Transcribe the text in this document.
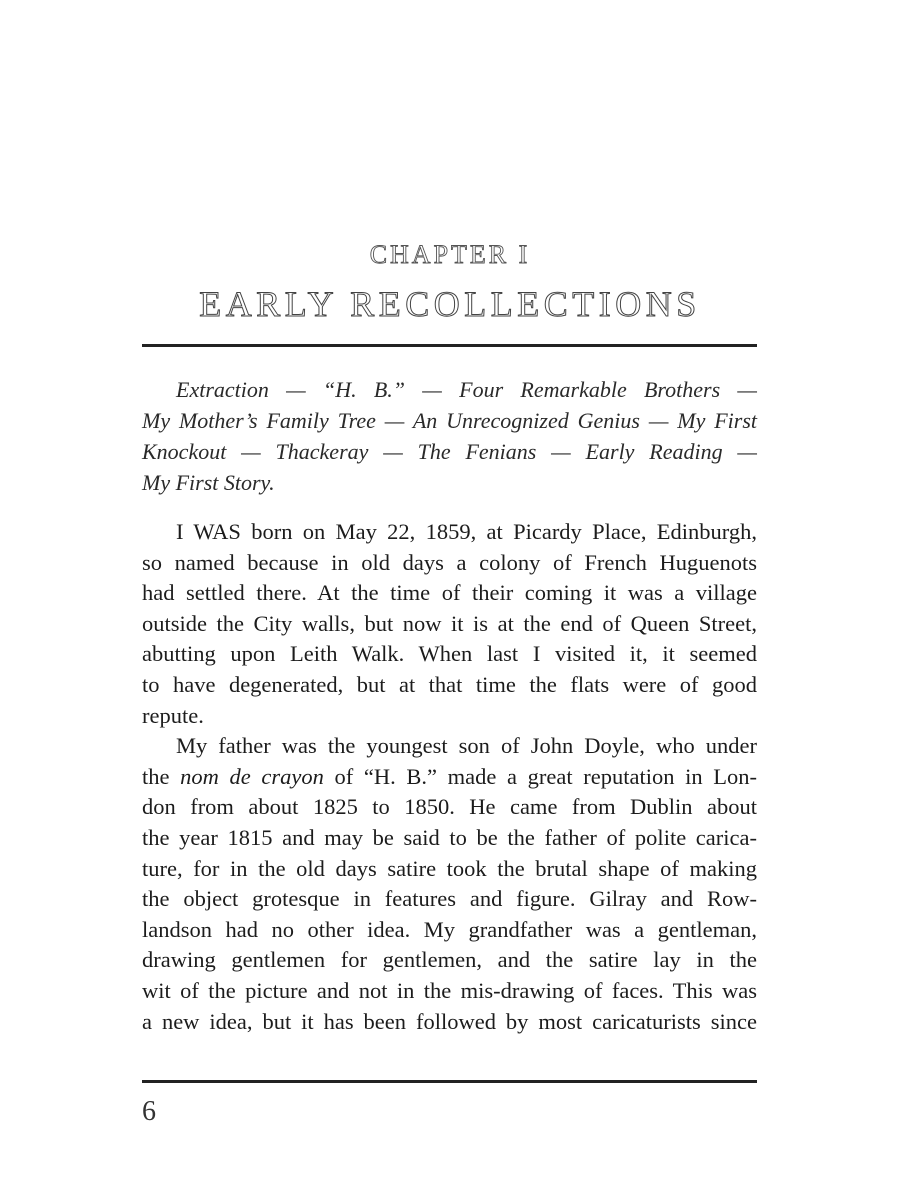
CHAPTER I
EARLY RECOLLECTIONS
Extraction — “H. B.” — Four Remarkable Brothers —
My Mother’s Family Tree — An Unrecognized Genius — My First
Knockout — Thackeray — The Fenians — Early Reading —
My First Story.
I WAS born on May 22, 1859, at Picardy Place, Edinburgh,
so named because in old days a colony of French Huguenots
had settled there. At the time of their coming it was a village
outside the City walls, but now it is at the end of Queen Street,
abutting upon Leith Walk. When last I visited it, it seemed
to have degenerated, but at that time the flats were of good
repute.
My father was the youngest son of John Doyle, who under
the nom de crayon of “H. B.” made a great reputation in Lon-
don from about 1825 to 1850. He came from Dublin about
the year 1815 and may be said to be the father of polite carica-
ture, for in the old days satire took the brutal shape of making
the object grotesque in features and figure. Gilray and Row-
landson had no other idea. My grandfather was a gentleman,
drawing gentlemen for gentlemen, and the satire lay in the
wit of the picture and not in the mis-drawing of faces. This was
a new idea, but it has been followed by most caricaturists since
6
